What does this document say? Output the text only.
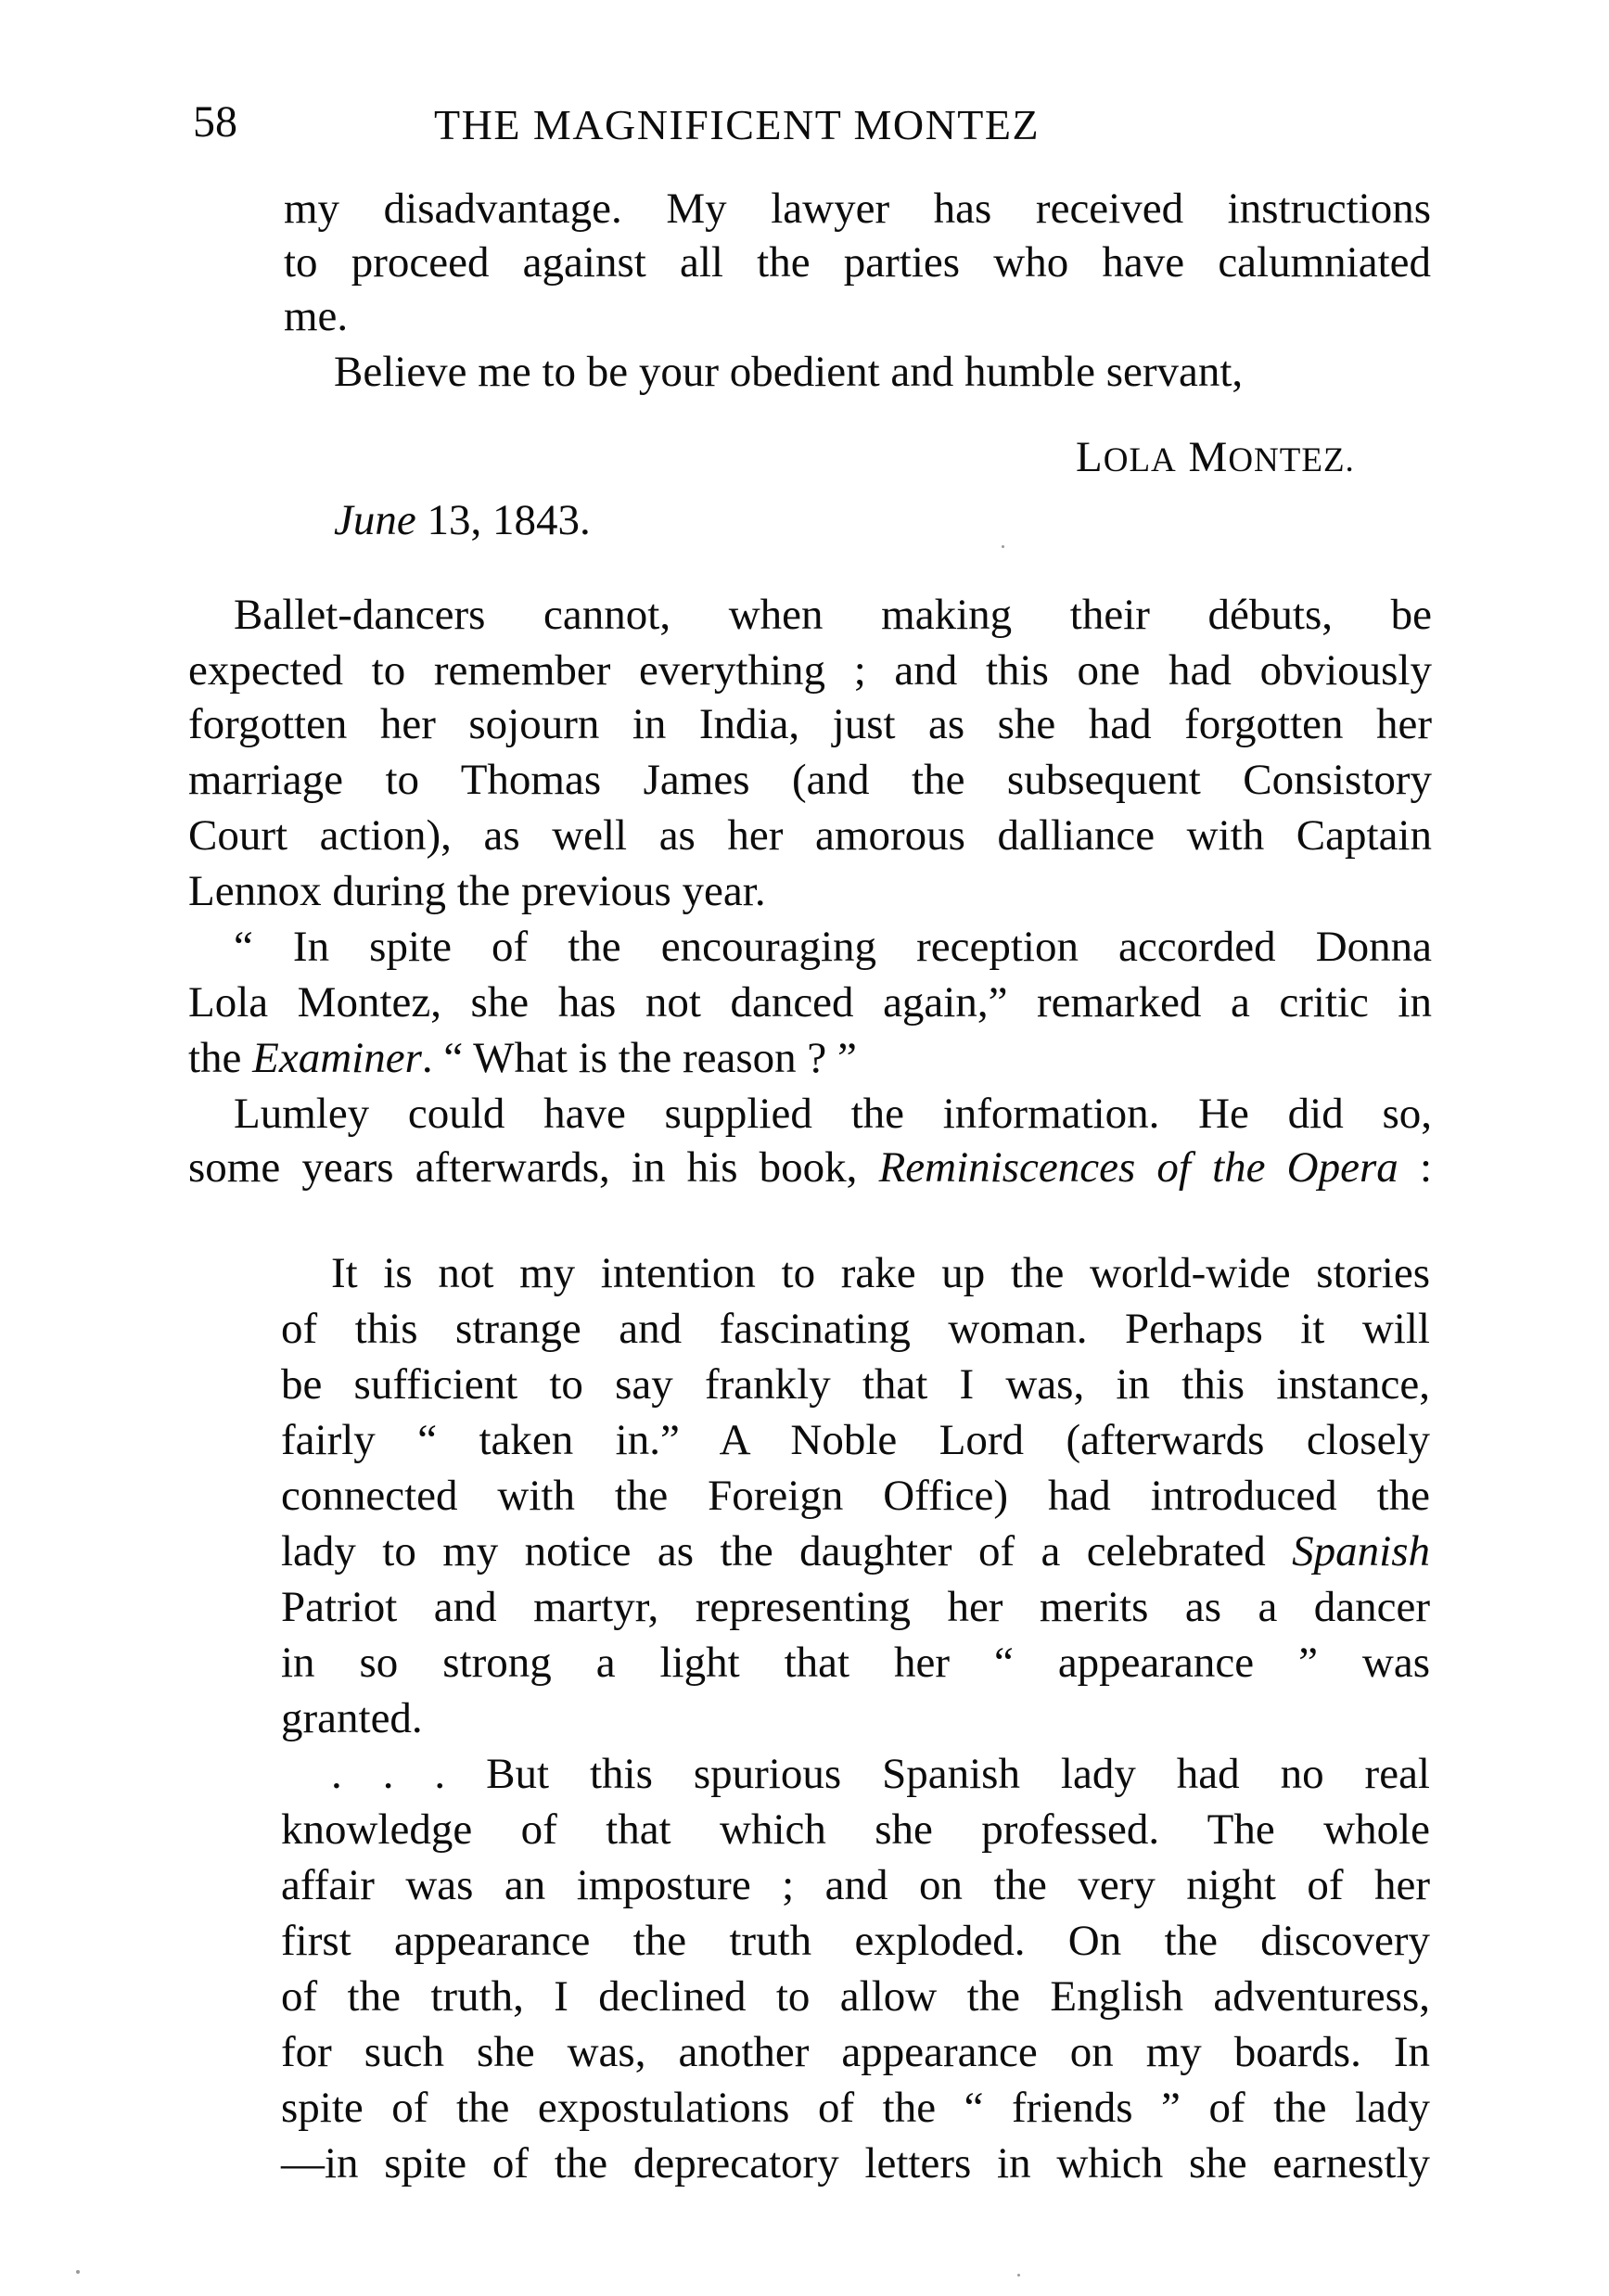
58	THE MAGNIFICENT MONTEZ
my disadvantage. My lawyer has received instructions
to proceed against all the parties who have calumniated
me.
Believe me to be your obedient and humble servant,
LOLA MONTEZ.
June 13, 1843.
Ballet-dancers cannot, when making their débuts, be
expected to remember everything ; and this one had obviously
forgotten her sojourn in India, just as she had forgotten her
marriage to Thomas James (and the subsequent Consistory
Court action), as well as her amorous dalliance with Captain
Lennox during the previous year.
“ In spite of the encouraging reception accorded Donna
Lola Montez, she has not danced again,” remarked a critic in
the Examiner. “ What is the reason ? ”
Lumley could have supplied the information. He did so,
some years afterwards, in his book, Reminiscences of the Opera :
It is not my intention to rake up the world-wide stories
of this strange and fascinating woman. Perhaps it will
be sufficient to say frankly that I was, in this instance,
fairly “ taken in.” A Noble Lord (afterwards closely
connected with the Foreign Office) had introduced the
lady to my notice as the daughter of a celebrated Spanish
Patriot and martyr, representing her merits as a dancer
in so strong a light that her “ appearance ” was
granted.
. . . But this spurious Spanish lady had no real
knowledge of that which she professed. The whole
affair was an imposture ; and on the very night of her
first appearance the truth exploded. On the discovery
of the truth, I declined to allow the English adventuress,
for such she was, another appearance on my boards. In
spite of the expostulations of the “ friends ” of the lady
—in spite of the deprecatory letters in which she earnestly
